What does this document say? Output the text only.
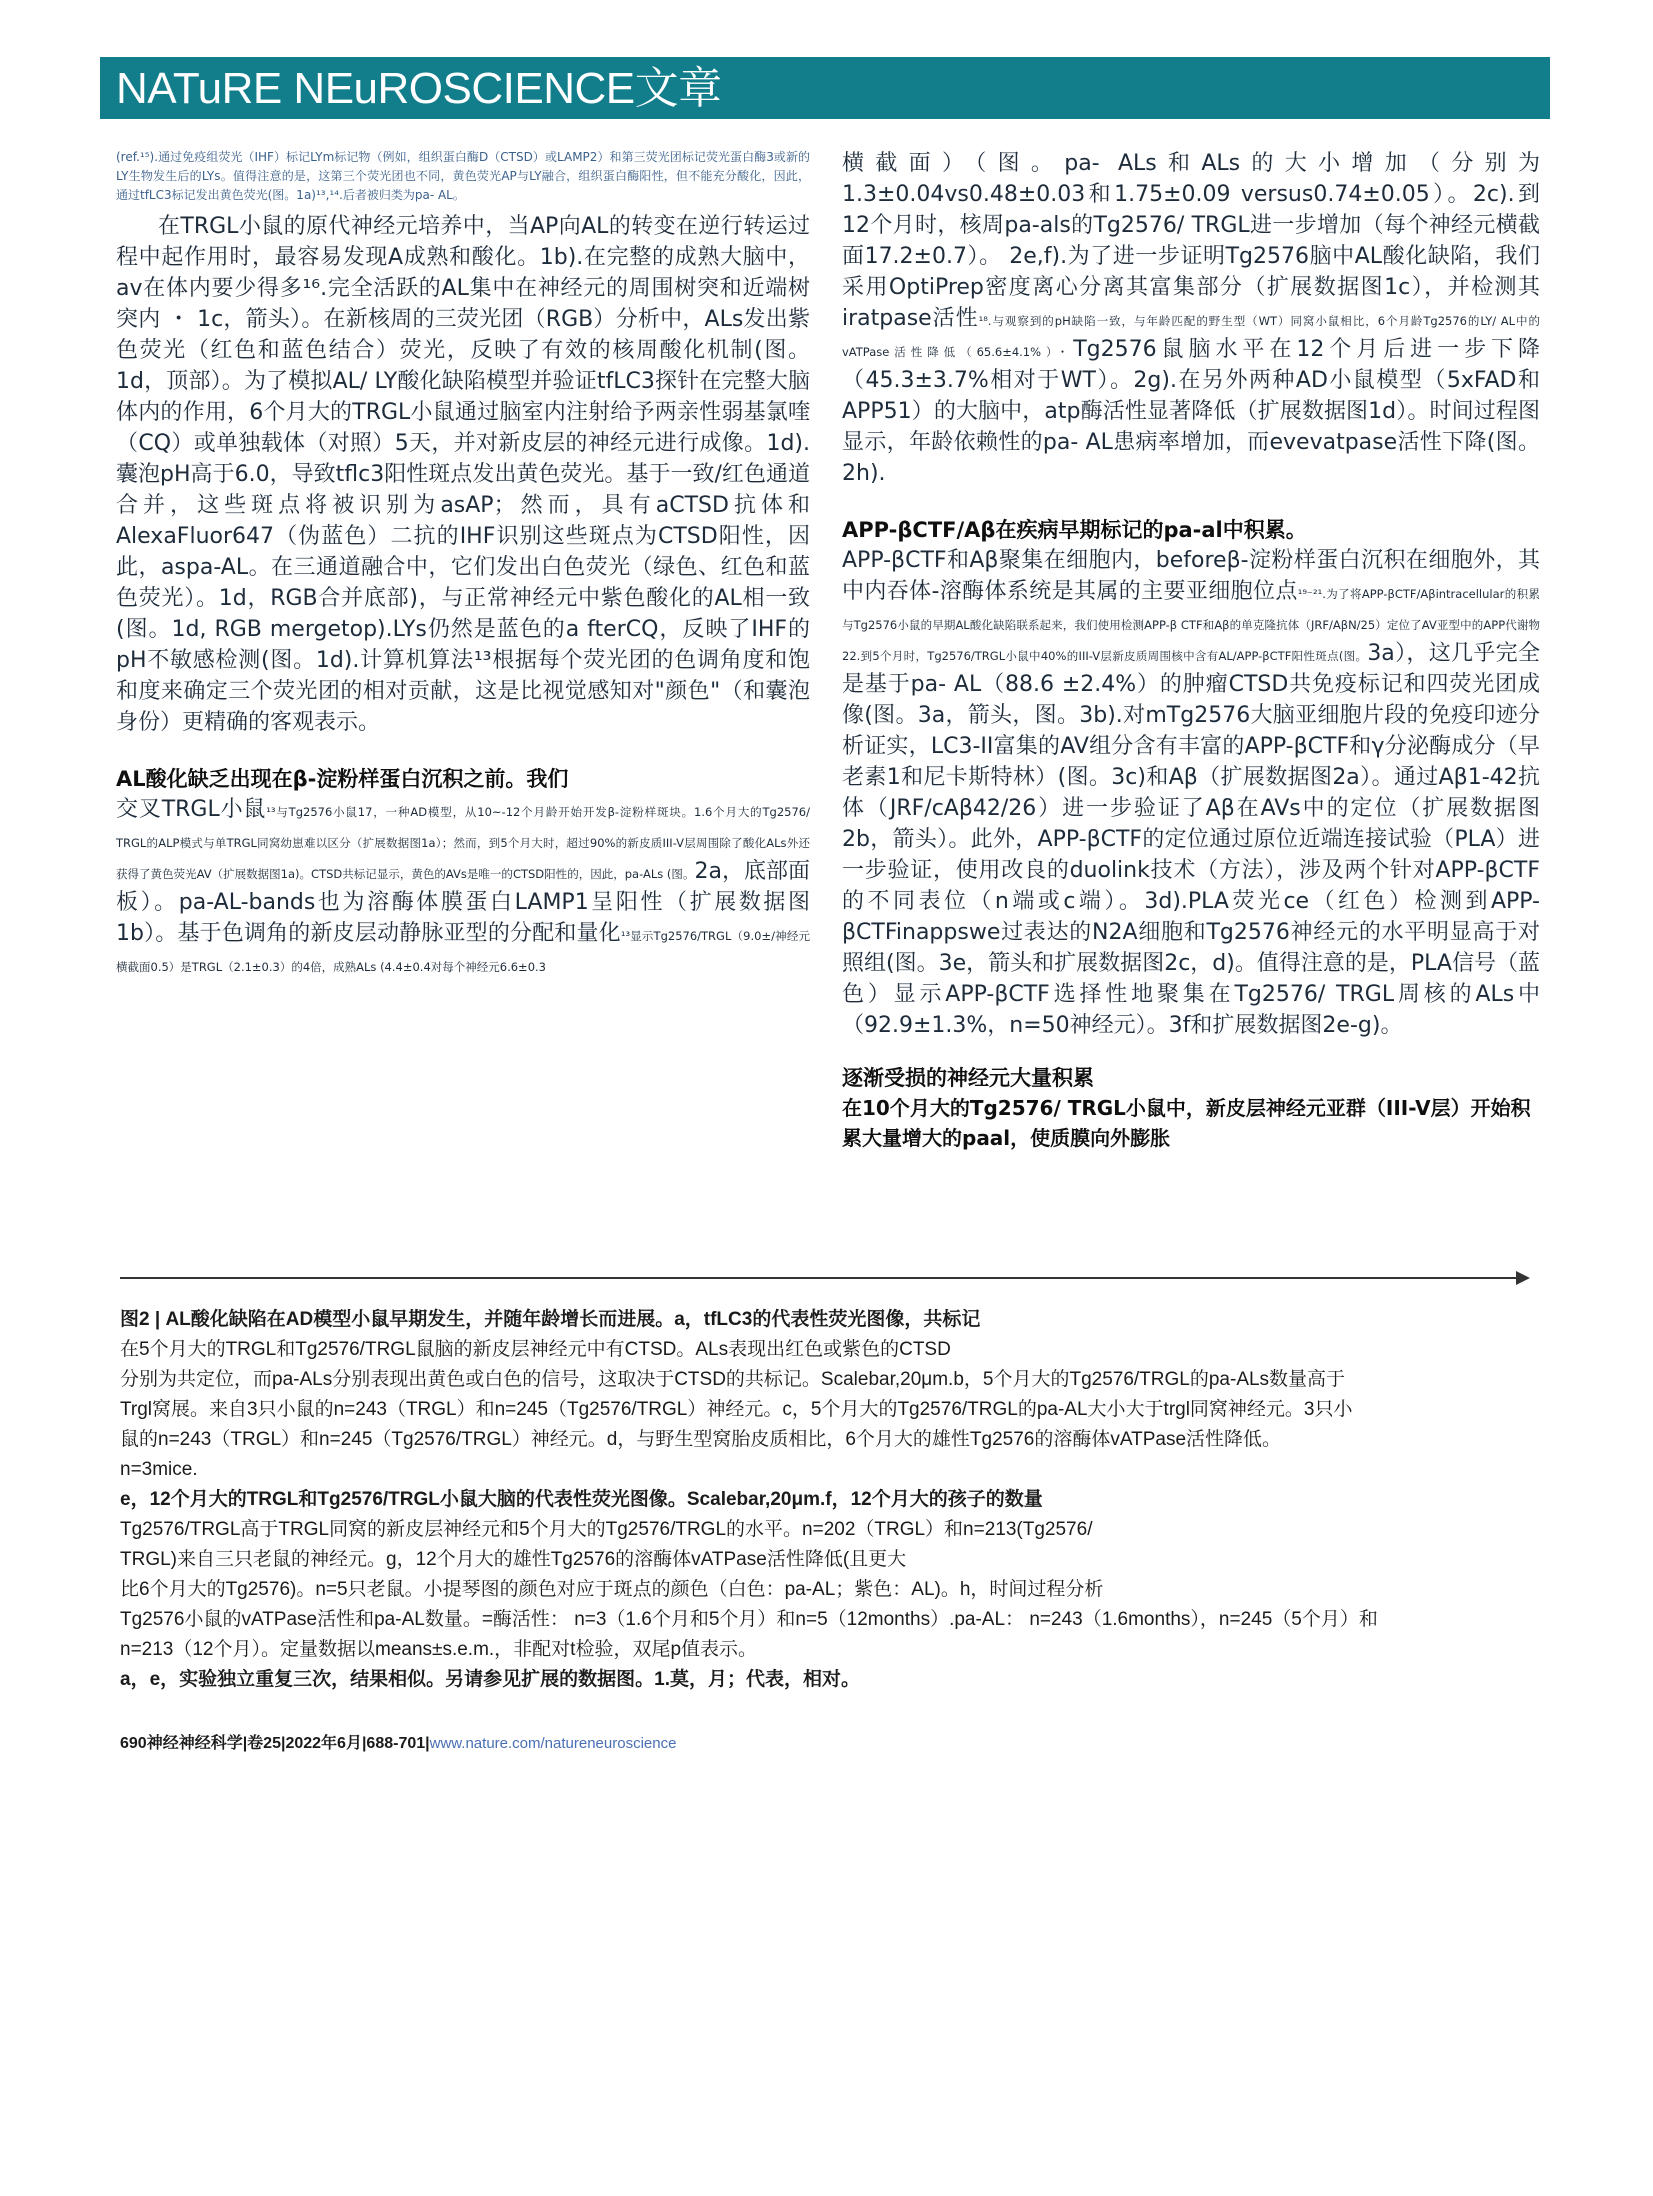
NATuRE NEuROSCIENCE文章

(ref.¹⁵).通过免疫组荧光（IHF）标记LYm标记物（例如，组织蛋白酶D（CTSD）或LAMP2）和第三荧光团标记荧光蛋白酶3或新的LY生物发生后的LYs。值得注意的是，这第三个荧光团也不同，黄色荧光AP与LY融合，组织蛋白酶阳性，但不能充分酸化，因此，通过tfLC3标记发出黄色荧光(图。1a)¹³,¹⁴.后者被归类为pa- AL。

在TRGL小鼠的原代神经元培养中，当AP向AL的转变在逆行转运过程中起作用时，最容易发现A成熟和酸化。1b).在完整的成熟大脑中，av在体内要少得多¹⁶.完全活跃的AL集中在神经元的周围树突和近端树突内 ・ 1c，箭头）。在新核周的三荧光团（RGB）分析中，ALs发出紫色荧光（红色和蓝色结合）荧光，反映了有效的核周酸化机制(图。1d，顶部）。为了模拟AL/ LY酸化缺陷模型并验证tfLC3探针在完整大脑体内的作用，6个月大的TRGL小鼠通过脑室内注射给予两亲性弱基氯喹（CQ）或单独载体（对照）5天，并对新皮层的神经元进行成像。1d).囊泡pH高于6.0，导致tflc3阳性斑点发出黄色荧光。基于一致/红色通道合并，这些斑点将被识别为asAP；然而，具有aCTSD抗体和AlexaFluor647（伪蓝色）二抗的IHF识别这些斑点为CTSD阳性，因此，aspa-AL。在三通道融合中，它们发出白色荧光（绿色、红色和蓝色荧光）。1d，RGB合并底部)，与正常神经元中紫色酸化的AL相一致(图。1d, RGB mergetop).LYs仍然是蓝色的a fterCQ，反映了IHF的pH不敏感检测(图。1d).计算机算法¹³根据每个荧光团的色调角度和饱和度来确定三个荧光团的相对贡献，这是比视觉感知对"颜色"（和囊泡身份）更精确的客观表示。

AL酸化缺乏出现在β-淀粉样蛋白沉积之前。我们

交叉TRGL小鼠¹³与Tg2576小鼠17，一种AD模型，从10~-12个月龄开始开发β-淀粉样斑块。1.6个月大的Tg2576/ TRGL的ALP模式与单TRGL同窝幼崽难以区分（扩展数据图1a）；然而，到5个月大时，超过90%的新皮质III-V层周围除了酸化ALs外还获得了黄色荧光AV（扩展数据图1a)。CTSD共标记显示，黄色的AVs是唯一的CTSD阳性的，因此，pa-ALs (图。2a，底部面板）。pa-AL-bands也为溶酶体膜蛋白LAMP1呈阳性（扩展数据图1b）。基于色调角的新皮层动静脉亚型的分配和量化¹³显示Tg2576/TRGL（9.0±/神经元横截面0.5）是TRGL（2.1±0.3）的4倍，成熟ALs (4.4±0.4对每个神经元6.6±0.3

横截面）（图。pa- ALs和ALs的大小增加（分别为1.3±0.04vs0.48±0.03和1.75±0.09 versus0.74±0.05）。2c).到12个月时，核周pa-als的Tg2576/ TRGL进一步增加（每个神经元横截面17.2±0.7）。 2e,f).为了进一步证明Tg2576脑中AL酸化缺陷，我们采用OptiPrep密度离心分离其富集部分（扩展数据图1c），并检测其iratpase活性¹⁸.与观察到的pH缺陷一致，与年龄匹配的野生型（WT）同窝小鼠相比，6个月龄Tg2576的LY/ AL中的vATPase活性降低（65.6±4.1%）・Tg2576鼠脑水平在12个月后进一步下降（45.3±3.7%相对于WT）。2g).在另外两种AD小鼠模型（5xFAD和APP51）的大脑中，atp酶活性显著降低（扩展数据图1d）。时间过程图显示，年龄依赖性的pa- AL患病率增加，而evevatpase活性下降(图。2h).

APP-βCTF/Aβ在疾病早期标记的pa-al中积累。

APP-βCTF和Aβ聚集在细胞内，beforeβ-淀粉样蛋白沉积在细胞外，其中内吞体-溶酶体系统是其属的主要亚细胞位点¹⁹⁻²¹.为了将APP-βCTF/Aβintracellular的积累与Tg2576小鼠的早期AL酸化缺陷联系起来，我们使用检测APP-β CTF和Aβ的单克隆抗体（JRF/AβN/25）定位了AV亚型中的APP代谢物22.到5个月时，Tg2576/TRGL小鼠中40%的III-V层新皮质周围核中含有AL/APP-βCTF阳性斑点(图。3a），这几乎完全是基于pa- AL（88.6 ±2.4%）的肿瘤CTSD共免疫标记和四荧光团成像(图。3a，箭头，图。3b).对mTg2576大脑亚细胞片段的免疫印迹分析证实，LC3-II富集的AV组分含有丰富的APP-βCTF和γ分泌酶成分（早老素1和尼卡斯特林）(图。3c)和Aβ（扩展数据图2a）。通过Aβ1-42抗体（JRF/cAβ42/26）进一步验证了Aβ在AVs中的定位（扩展数据图2b，箭头）。此外，APP-βCTF的定位通过原位近端连接试验（PLA）进一步验证，使用改良的duolink技术（方法），涉及两个针对APP-βCTF的不同表位（n端或c端）。3d).PLA荧光ce（红色）检测到APP-βCTFinappswe过表达的N2A细胞和Tg2576神经元的水平明显高于对照组(图。3e，箭头和扩展数据图2c，d)。值得注意的是，PLA信号（蓝色）显示APP-βCTF选择性地聚集在Tg2576/ TRGL周核的ALs中（92.9±1.3%，n=50神经元）。3f和扩展数据图2e-g)。

逐渐受损的神经元大量积累

在10个月大的Tg2576/ TRGL小鼠中，新皮层神经元亚群（III-V层）开始积累大量增大的paal，使质膜向外膨胀

图2 | AL酸化缺陷在AD模型小鼠早期发生，并随年龄增长而进展。a，tfLC3的代表性荧光图像，共标记

在5个月大的TRGL和Tg2576/TRGL鼠脑的新皮层神经元中有CTSD。ALs表现出红色或紫色的CTSD

分别为共定位，而pa-ALs分别表现出黄色或白色的信号，这取决于CTSD的共标记。Scalebar,20μm.b，5个月大的Tg2576/TRGL的pa-ALs数量高于

Trgl窝展。来自3只小鼠的n=243（TRGL）和n=245（Tg2576/TRGL）神经元。c，5个月大的Tg2576/TRGL的pa-AL大小大于trgl同窝神经元。3只小

鼠的n=243（TRGL）和n=245（Tg2576/TRGL）神经元。d，与野生型窝胎皮质相比，6个月大的雄性Tg2576的溶酶体vATPase活性降低。

n=3mice.

e，12个月大的TRGL和Tg2576/TRGL小鼠大脑的代表性荧光图像。Scalebar,20μm.f，12个月大的孩子的数量

Tg2576/TRGL高于TRGL同窝的新皮层神经元和5个月大的Tg2576/TRGL的水平。n=202（TRGL）和n=213(Tg2576/

TRGL)来自三只老鼠的神经元。g，12个月大的雄性Tg2576的溶酶体vATPase活性降低(且更大

比6个月大的Tg2576)。n=5只老鼠。小提琴图的颜色对应于斑点的颜色（白色：pa-AL；紫色：AL)。h，时间过程分析

Tg2576小鼠的vATPase活性和pa-AL数量。=酶活性： n=3（1.6个月和5个月）和n=5（12months）.pa-AL： n=243（1.6months），n=245（5个月）和

n=213（12个月）。定量数据以means±s.e.m.，非配对t检验，双尾p值表示。

a，e，实验独立重复三次，结果相似。另请参见扩展的数据图。1.莫，月；代表，相对。

690神经神经科学|卷25|2022年6月|688-701|www.nature.com/natureneuroscience
